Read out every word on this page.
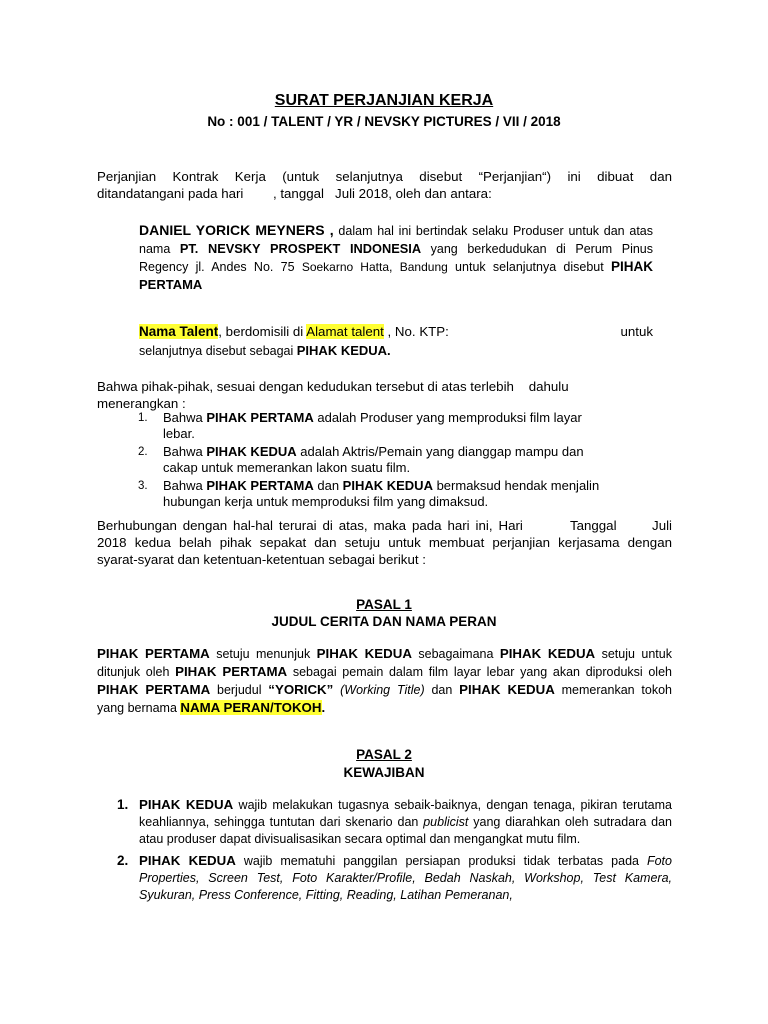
SURAT PERJANJIAN KERJA
No : 001 / TALENT / YR / NEVSKY PICTURES / VII / 2018
Perjanjian Kontrak Kerja (untuk selanjutnya disebut “Perjanjian“) ini dibuat dan
ditandatangani pada hari        , tanggal   Juli 2018, oleh dan antara:
DANIEL YORICK MEYNERS , dalam hal ini bertindak selaku Produser untuk dan atas
nama PT. NEVSKY PROSPEKT INDONESIA yang berkedudukan di Perum Pinus
Regency jl. Andes No. 75 Soekarno Hatta, Bandung untuk selanjutnya disebut PIHAK
PERTAMA
Nama Talent, berdomisili di Alamat talent , No. KTP:	untuk
selanjutnya disebut sebagai PIHAK KEDUA.
Bahwa pihak-pihak, sesuai dengan kedudukan tersebut di atas terlebih    dahulu
menerangkan :
1. Bahwa PIHAK PERTAMA adalah Produser yang memproduksi film layar
lebar.
2. Bahwa PIHAK KEDUA adalah Aktris/Pemain yang dianggap mampu dan
cakap untuk memerankan lakon suatu film.
3. Bahwa PIHAK PERTAMA dan PIHAK KEDUA bermaksud hendak menjalin
hubungan kerja untuk memproduksi film yang dimaksud.
Berhubungan dengan hal-hal terurai di atas, maka pada hari ini, Hari        Tanggal      Juli
2018 kedua belah pihak sepakat dan setuju untuk membuat perjanjian kerjasama dengan
syarat-syarat dan ketentuan-ketentuan sebagai berikut :
PASAL 1
JUDUL CERITA DAN NAMA PERAN
PIHAK PERTAMA setuju menunjuk PIHAK KEDUA sebagaimana PIHAK KEDUA setuju untuk
ditunjuk oleh PIHAK PERTAMA sebagai pemain dalam film layar lebar yang akan diproduksi oleh
PIHAK PERTAMA berjudul “YORICK” (Working Title) dan PIHAK KEDUA memerankan tokoh
yang bernama NAMA PERAN/TOKOH.
PASAL 2
KEWAJIBAN
1. PIHAK KEDUA wajib melakukan tugasnya sebaik-baiknya, dengan tenaga, pikiran terutama
keahliannya, sehingga tuntutan dari skenario dan publicist yang diarahkan oleh sutradara dan
atau produser dapat divisualisasikan secara optimal dan mengangkat mutu film.
2. PIHAK KEDUA wajib mematuhi panggilan persiapan produksi tidak terbatas pada Foto
Properties, Screen Test, Foto Karakter/Profile, Bedah Naskah, Workshop, Test Kamera,
Syukuran, Press Conference, Fitting, Reading, Latihan Pemeranan,
